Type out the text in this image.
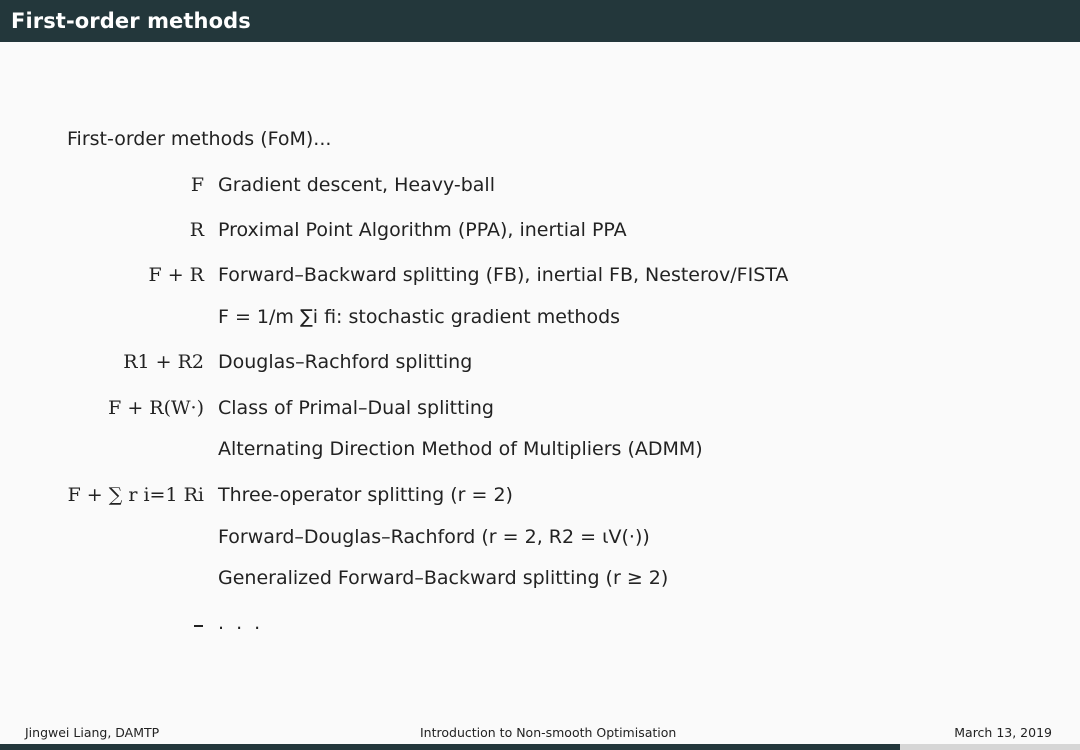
First-order methods
First-order methods (FoM)...
F Gradient descent, Heavy-ball
R Proximal Point Algorithm (PPA), inertial PPA
F + R Forward–Backward splitting (FB), inertial FB, Nesterov/FISTA
F = 1/m ∑i fi: stochastic gradient methods
R1 + R2 Douglas–Rachford splitting
F + R(W·) Class of Primal–Dual splitting
Alternating Direction Method of Multipliers (ADMM)
F + ∑ r i=1 Ri Three-operator splitting (r = 2)
Forward–Douglas–Rachford (r = 2, R2 = ιV(·))
Generalized Forward–Backward splitting (r ≥ 2)
. . .
Jingwei Liang, DAMTP	Introduction to Non-smooth Optimisation	March 13, 2019
